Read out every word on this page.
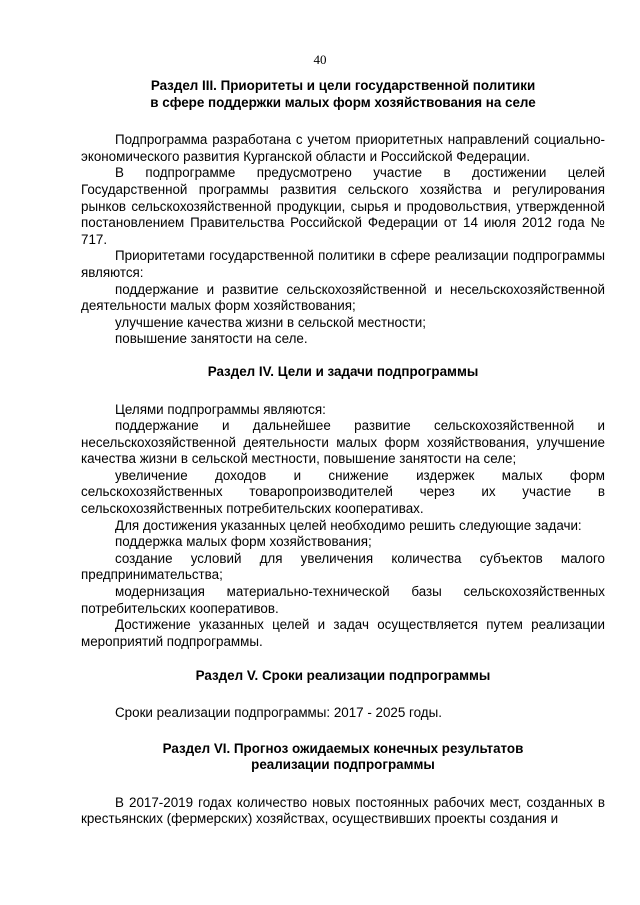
40

Раздел III. Приоритеты и цели государственной политики
в сфере поддержки малых форм хозяйствования на селе

Подпрограмма разработана с учетом приоритетных направлений социально-экономического развития Курганской области и Российской Федерации.

В подпрограмме предусмотрено участие в достижении целей Государственной программы развития сельского хозяйства и регулирования рынков сельскохозяйственной продукции, сырья и продовольствия, утвержденной постановлением Правительства Российской Федерации от 14 июля 2012 года № 717.

Приоритетами государственной политики в сфере реализации подпрограммы являются:

поддержание и развитие сельскохозяйственной и несельскохозяйственной деятельности малых форм хозяйствования;

улучшение качества жизни в сельской местности;

повышение занятости на селе.

Раздел IV. Цели и задачи подпрограммы

Целями подпрограммы являются:

поддержание и дальнейшее развитие сельскохозяйственной и несельскохозяйственной деятельности малых форм хозяйствования, улучшение качества жизни в сельской местности, повышение занятости на селе;

увеличение доходов и снижение издержек малых форм сельскохозяйственных товаропроизводителей через их участие в сельскохозяйственных потребительских кооперативах.

Для достижения указанных целей необходимо решить следующие задачи:

поддержка малых форм хозяйствования;

создание условий для увеличения количества субъектов малого предпринимательства;

модернизация материально-технической базы сельскохозяйственных потребительских кооперативов.

Достижение указанных целей и задач осуществляется путем реализации мероприятий подпрограммы.

Раздел V. Сроки реализации подпрограммы

Сроки реализации подпрограммы: 2017 - 2025 годы.

Раздел VI. Прогноз ожидаемых конечных результатов
реализации подпрограммы

В 2017-2019 годах количество новых постоянных рабочих мест, созданных в крестьянских (фермерских) хозяйствах, осуществивших проекты создания и
